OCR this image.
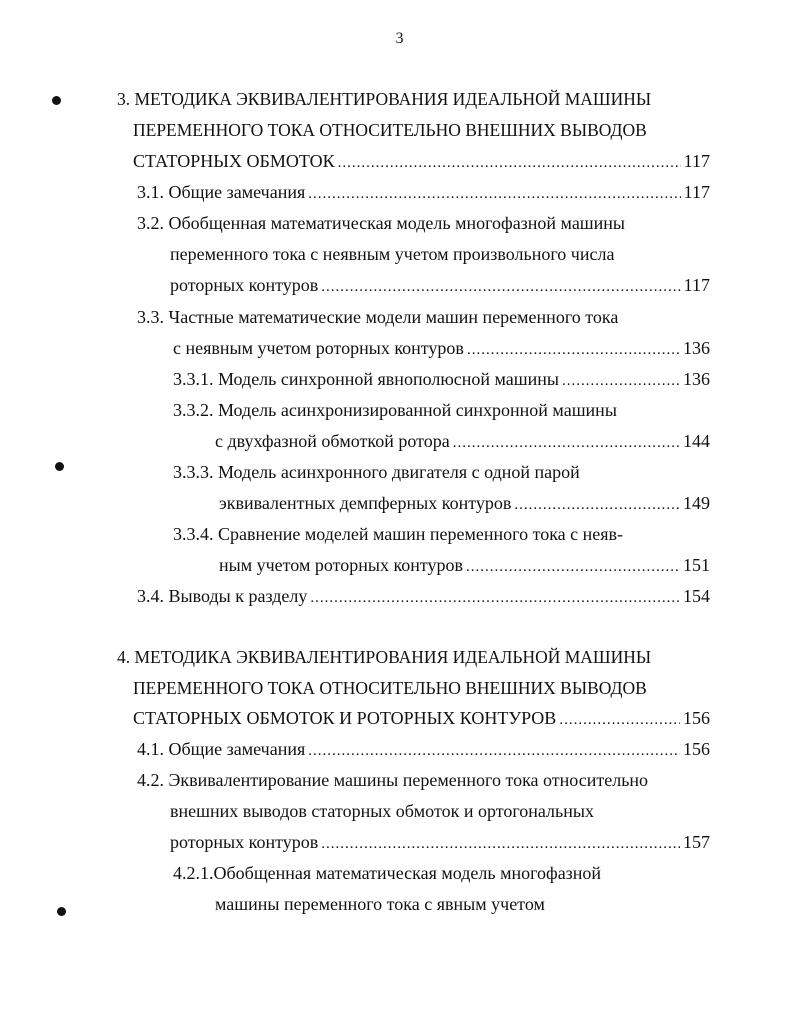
3
3. МЕТОДИКА ЭКВИВАЛЕНТИРОВАНИЯ ИДЕАЛЬНОЙ МАШИНЫ
ПЕРЕМЕННОГО ТОКА ОТНОСИТЕЛЬНО ВНЕШНИХ ВЫВОДОВ
СТАТОРНЫХ ОБМОТОК .....	117
3.1. Общие замечания .....	117
3.2. Обобщенная математическая модель многофазной машины
переменного тока с неявным учетом произвольного числа
роторных контуров .....	117
3.3. Частные математические модели машин переменного тока
с неявным учетом роторных контуров .....	136
3.3.1. Модель синхронной явнополюсной машины .....	136
3.3.2. Модель асинхронизированной синхронной машины
с двухфазной обмоткой ротора .....	144
3.3.3. Модель асинхронного двигателя с одной парой
эквивалентных демпферных контуров .....	149
3.3.4. Сравнение моделей машин переменного тока с неяв-
ным учетом роторных контуров .....	151
3.4. Выводы к разделу .....	154
4. МЕТОДИКА ЭКВИВАЛЕНТИРОВАНИЯ ИДЕАЛЬНОЙ МАШИНЫ
ПЕРЕМЕННОГО ТОКА ОТНОСИТЕЛЬНО ВНЕШНИХ ВЫВОДОВ
СТАТОРНЫХ ОБМОТОК И РОТОРНЫХ КОНТУРОВ .....	156
4.1. Общие замечания .....	156
4.2. Эквивалентирование машины переменного тока относительно
внешних выводов статорных обмоток и ортогональных
роторных контуров .....	157
4.2.1.Обобщенная математическая модель многофазной
машины переменного тока с явным учетом
